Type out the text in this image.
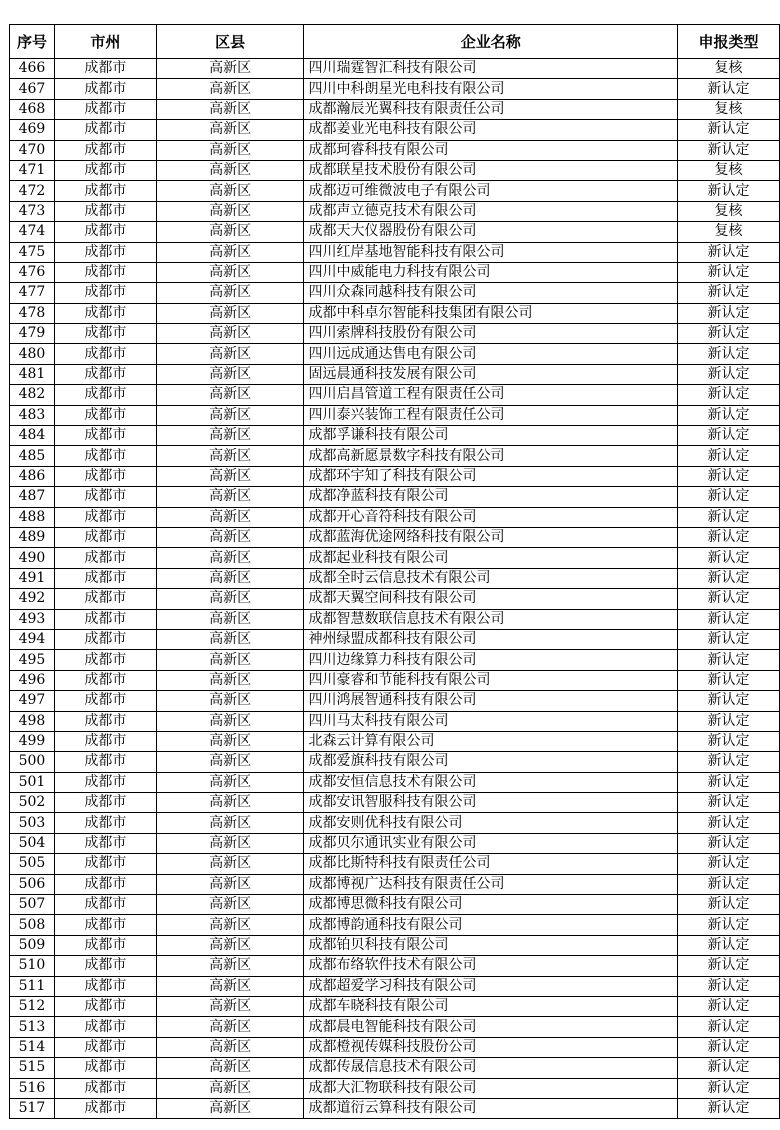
序号	市州	区县	企业名称	申报类型
466	成都市	高新区	四川瑞霆智汇科技有限公司	复核
467	成都市	高新区	四川中科朗星光电科技有限公司	新认定
468	成都市	高新区	成都瀚辰光翼科技有限责任公司	复核
469	成都市	高新区	成都姜业光电科技有限公司	新认定
470	成都市	高新区	成都珂睿科技有限公司	新认定
471	成都市	高新区	成都联星技术股份有限公司	复核
472	成都市	高新区	成都迈可维微波电子有限公司	新认定
473	成都市	高新区	成都声立德克技术有限公司	复核
474	成都市	高新区	成都天大仪器股份有限公司	复核
475	成都市	高新区	四川红岸基地智能科技有限公司	新认定
476	成都市	高新区	四川中威能电力科技有限公司	新认定
477	成都市	高新区	四川众森同越科技有限公司	新认定
478	成都市	高新区	成都中科卓尔智能科技集团有限公司	新认定
479	成都市	高新区	四川索牌科技股份有限公司	新认定
480	成都市	高新区	四川远成通达售电有限公司	新认定
481	成都市	高新区	固远晨通科技发展有限公司	新认定
482	成都市	高新区	四川启昌管道工程有限责任公司	新认定
483	成都市	高新区	四川泰兴装饰工程有限责任公司	新认定
484	成都市	高新区	成都孚谦科技有限公司	新认定
485	成都市	高新区	成都高新愿景数字科技有限公司	新认定
486	成都市	高新区	成都环宇知了科技有限公司	新认定
487	成都市	高新区	成都净蓝科技有限公司	新认定
488	成都市	高新区	成都开心音符科技有限公司	新认定
489	成都市	高新区	成都蓝海优途网络科技有限公司	新认定
490	成都市	高新区	成都起业科技有限公司	新认定
491	成都市	高新区	成都全时云信息技术有限公司	新认定
492	成都市	高新区	成都天翼空间科技有限公司	新认定
493	成都市	高新区	成都智慧数联信息技术有限公司	新认定
494	成都市	高新区	神州绿盟成都科技有限公司	新认定
495	成都市	高新区	四川边缘算力科技有限公司	新认定
496	成都市	高新区	四川豪睿和节能科技有限公司	新认定
497	成都市	高新区	四川鸿展智通科技有限公司	新认定
498	成都市	高新区	四川马太科技有限公司	新认定
499	成都市	高新区	北森云计算有限公司	新认定
500	成都市	高新区	成都爱旗科技有限公司	新认定
501	成都市	高新区	成都安恒信息技术有限公司	新认定
502	成都市	高新区	成都安讯智服科技有限公司	新认定
503	成都市	高新区	成都安则优科技有限公司	新认定
504	成都市	高新区	成都贝尔通讯实业有限公司	新认定
505	成都市	高新区	成都比斯特科技有限责任公司	新认定
506	成都市	高新区	成都博视广达科技有限责任公司	新认定
507	成都市	高新区	成都博思微科技有限公司	新认定
508	成都市	高新区	成都博韵通科技有限公司	新认定
509	成都市	高新区	成都铂贝科技有限公司	新认定
510	成都市	高新区	成都布络软件技术有限公司	新认定
511	成都市	高新区	成都超爱学习科技有限公司	新认定
512	成都市	高新区	成都车晓科技有限公司	新认定
513	成都市	高新区	成都晨电智能科技有限公司	新认定
514	成都市	高新区	成都橙视传媒科技股份公司	新认定
515	成都市	高新区	成都传晟信息技术有限公司	新认定
516	成都市	高新区	成都大汇物联科技有限公司	新认定
517	成都市	高新区	成都道衍云算科技有限公司	新认定
